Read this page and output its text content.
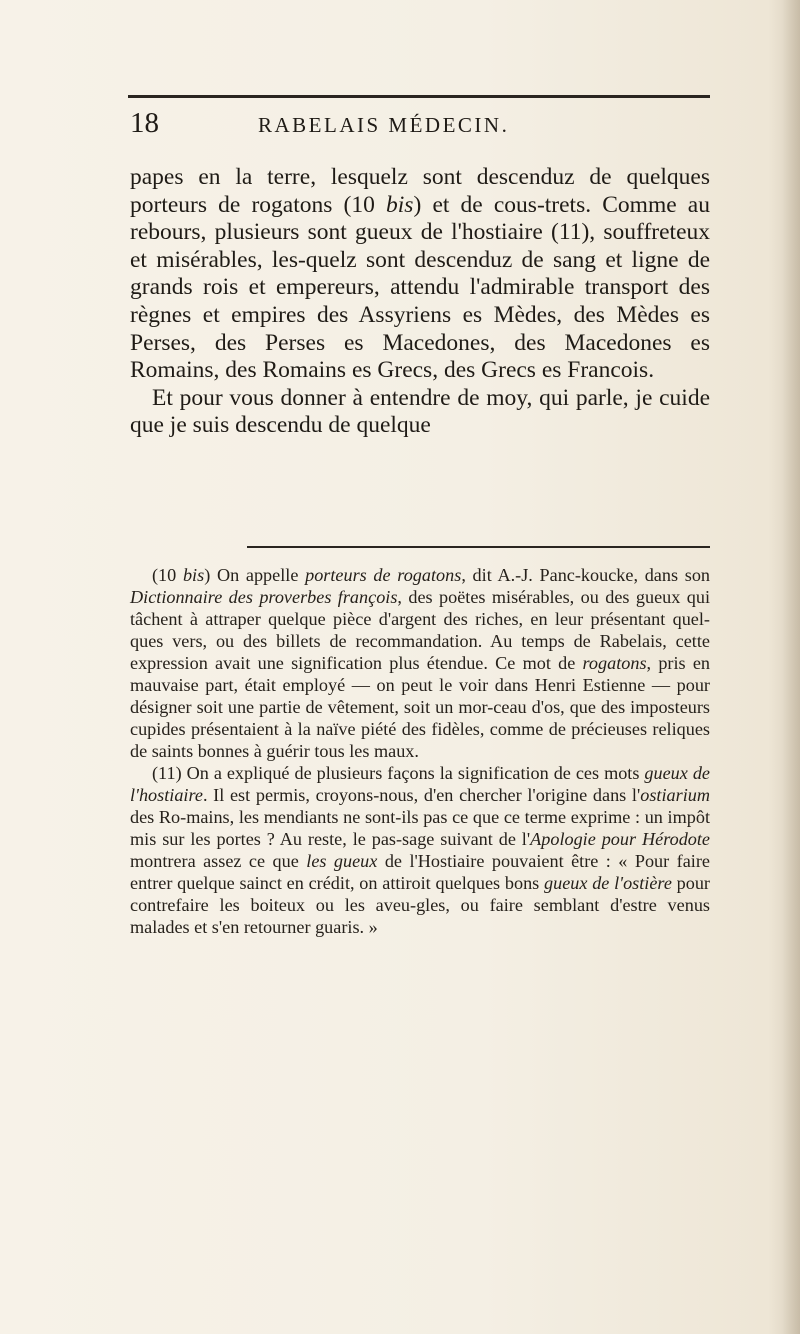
18	RABELAIS MÉDECIN.

papes en la terre, lesquelz sont descenduz de quelques porteurs de rogatons (10 bis) et de cous-trets. Comme au rebours, plusieurs sont gueux de l'hostiaire (11), souffreteux et misérables, les-quelz sont descenduz de sang et ligne de grands rois et empereurs, attendu l'admirable transport des règnes et empires des Assyriens es Mèdes, des Mèdes es Perses, des Perses es Macedones, des Macedones es Romains, des Romains es Grecs, des Grecs es Francois.

Et pour vous donner à entendre de moy, qui parle, je cuide que je suis descendu de quelque

(10 bis) On appelle porteurs de rogatons, dit A.-J. Panc-koucke, dans son Dictionnaire des proverbes françois, des poëtes misérables, ou des gueux qui tâchent à attraper quelque pièce d'argent des riches, en leur présentant quel-ques vers, ou des billets de recommandation. Au temps de Rabelais, cette expression avait une signification plus étendue. Ce mot de rogatons, pris en mauvaise part, était employé — on peut le voir dans Henri Estienne — pour désigner soit une partie de vêtement, soit un mor-ceau d'os, que des imposteurs cupides présentaient à la naïve piété des fidèles, comme de précieuses reliques de saints bonnes à guérir tous les maux.

(11) On a expliqué de plusieurs façons la signification de ces mots gueux de l'hostiaire. Il est permis, croyons-nous, d'en chercher l'origine dans l'ostiarium des Ro-mains, les mendiants ne sont-ils pas ce que ce terme exprime : un impôt mis sur les portes ? Au reste, le pas-sage suivant de l'Apologie pour Hérodote montrera assez ce que les gueux de l'Hostiaire pouvaient être : « Pour faire entrer quelque sainct en crédit, on attiroit quelques bons gueux de l'ostière pour contrefaire les boiteux ou les aveu-gles, ou faire semblant d'estre venus malades et s'en retourner guaris. »
